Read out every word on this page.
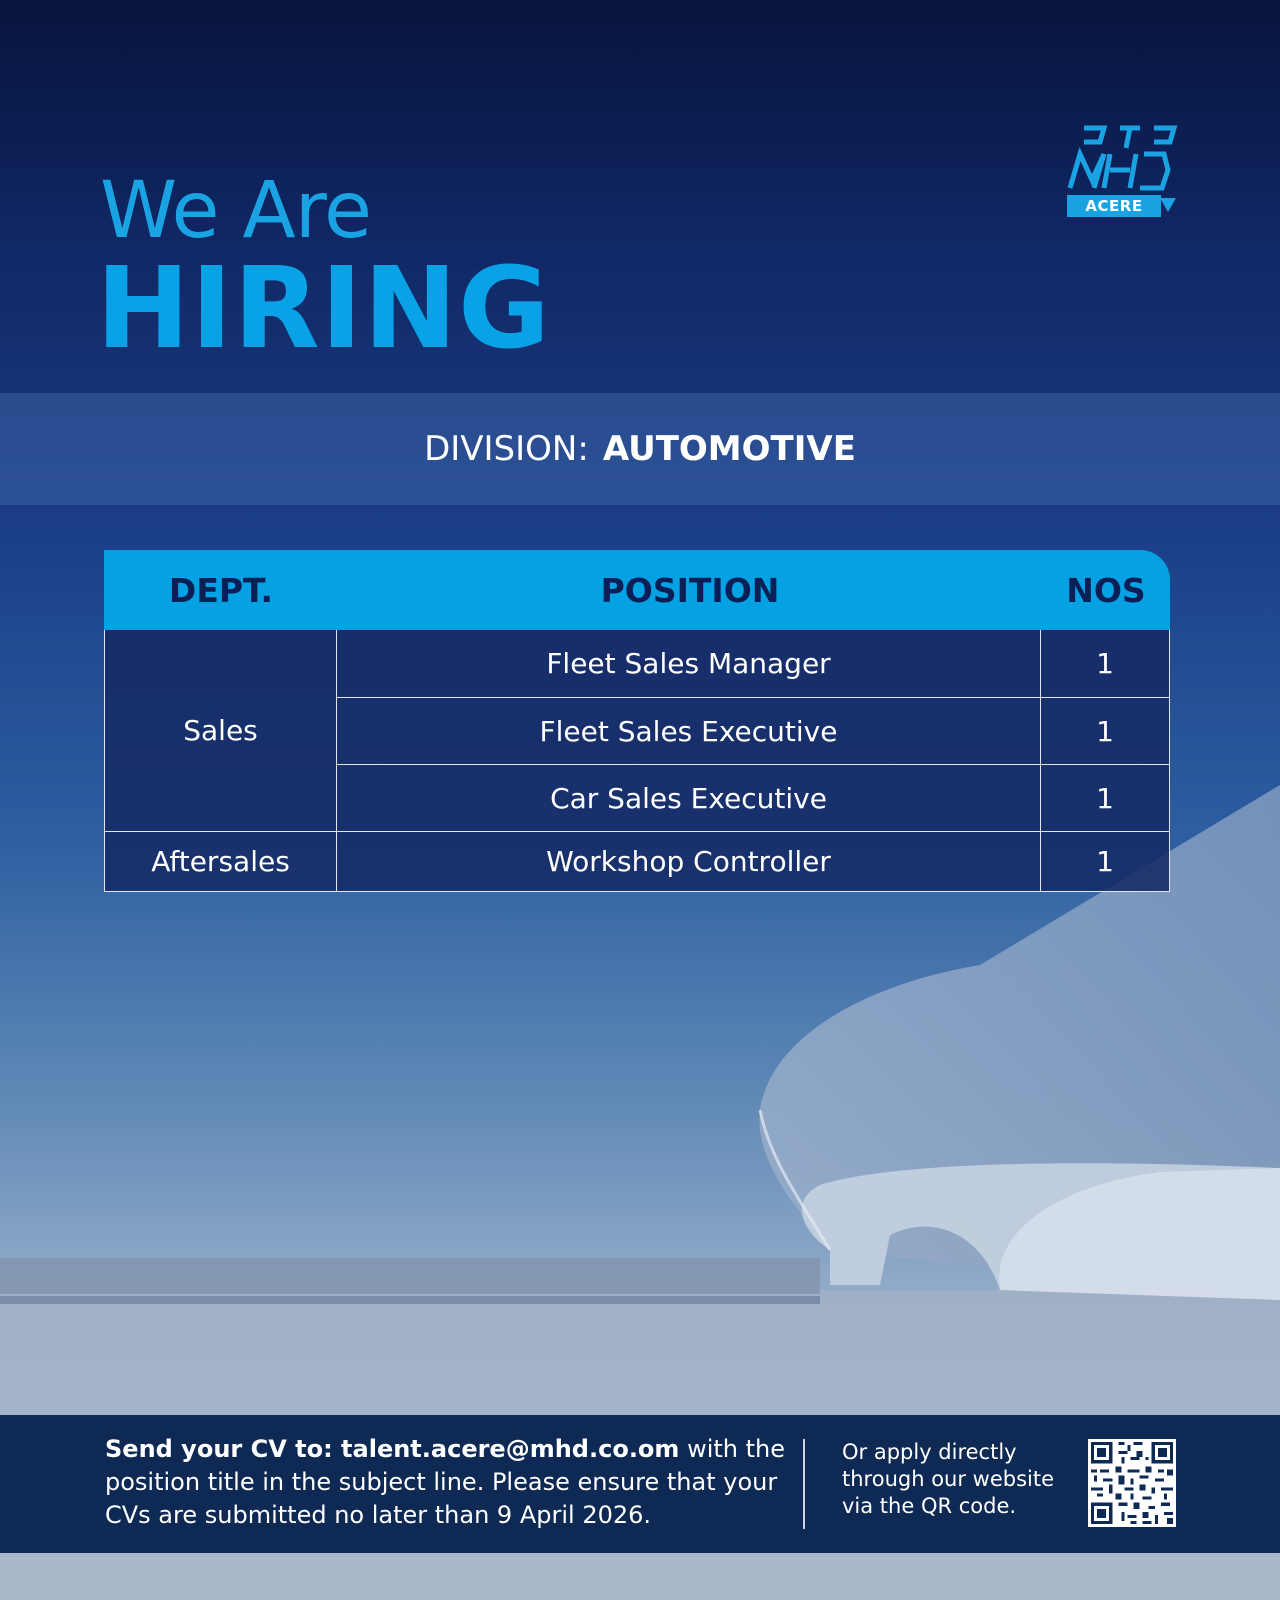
We Are
HIRING
ACERE
DIVISION: AUTOMOTIVE
DEPT.	POSITION	NOS
Sales
Fleet Sales Manager	1
Fleet Sales Executive	1
Car Sales Executive	1
Aftersales	Workshop Controller	1
Send your CV to: talent.acere@mhd.co.om with the position title in the subject line. Please ensure that your CVs are submitted no later than 9 April 2026.
Or apply directly through our website via the QR code.
